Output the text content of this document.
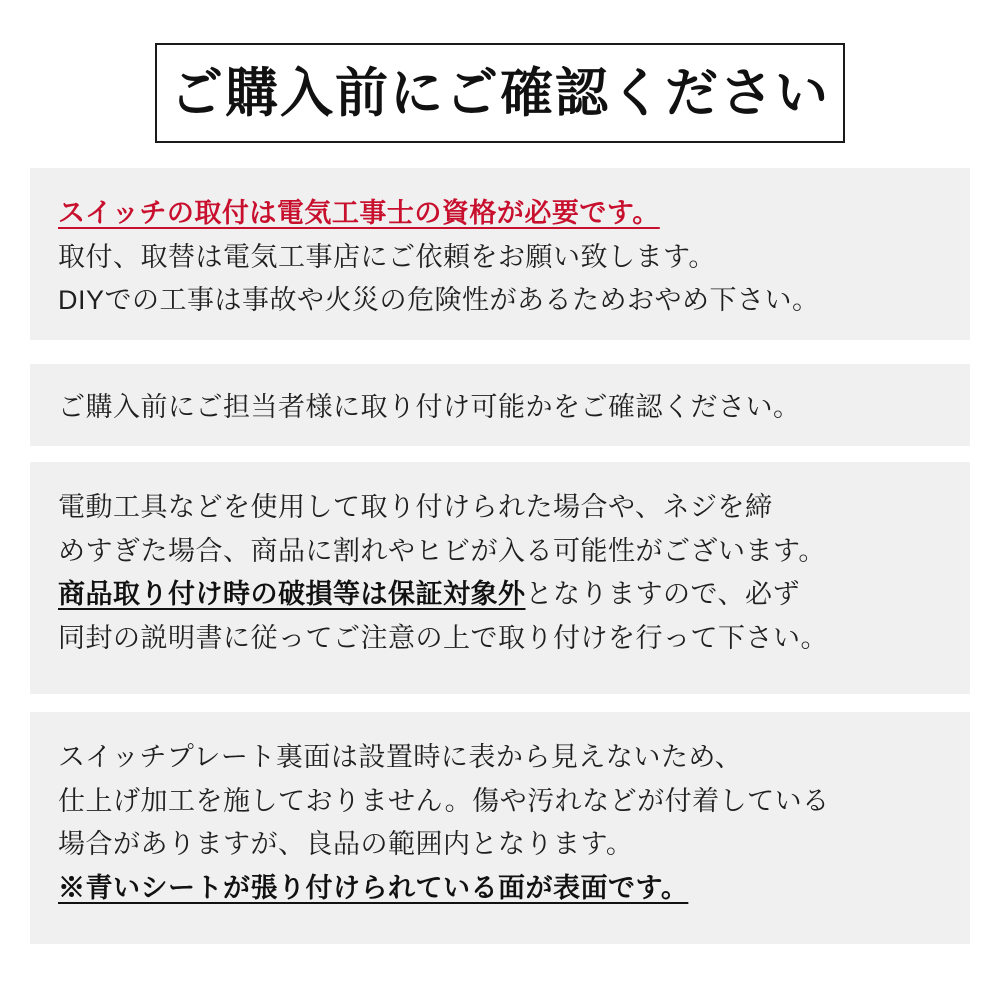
ご購入前にご確認ください

スイッチの取付は電気工事士の資格が必要です。

取付、取替は電気工事店にご依頼をお願い致します。

DIYでの工事は事故や火災の危険性があるためおやめ下さい。

ご購入前にご担当者様に取り付け可能かをご確認ください。

電動工具などを使用して取り付けられた場合や、ネジを締

めすぎた場合、商品に割れやヒビが入る可能性がございます。

商品取り付け時の破損等は保証対象外となりますので、必ず

同封の説明書に従ってご注意の上で取り付けを行って下さい。

スイッチプレート裏面は設置時に表から見えないため、

仕上げ加工を施しておりません。傷や汚れなどが付着している

場合がありますが、良品の範囲内となります。

※青いシートが張り付けられている面が表面です。
